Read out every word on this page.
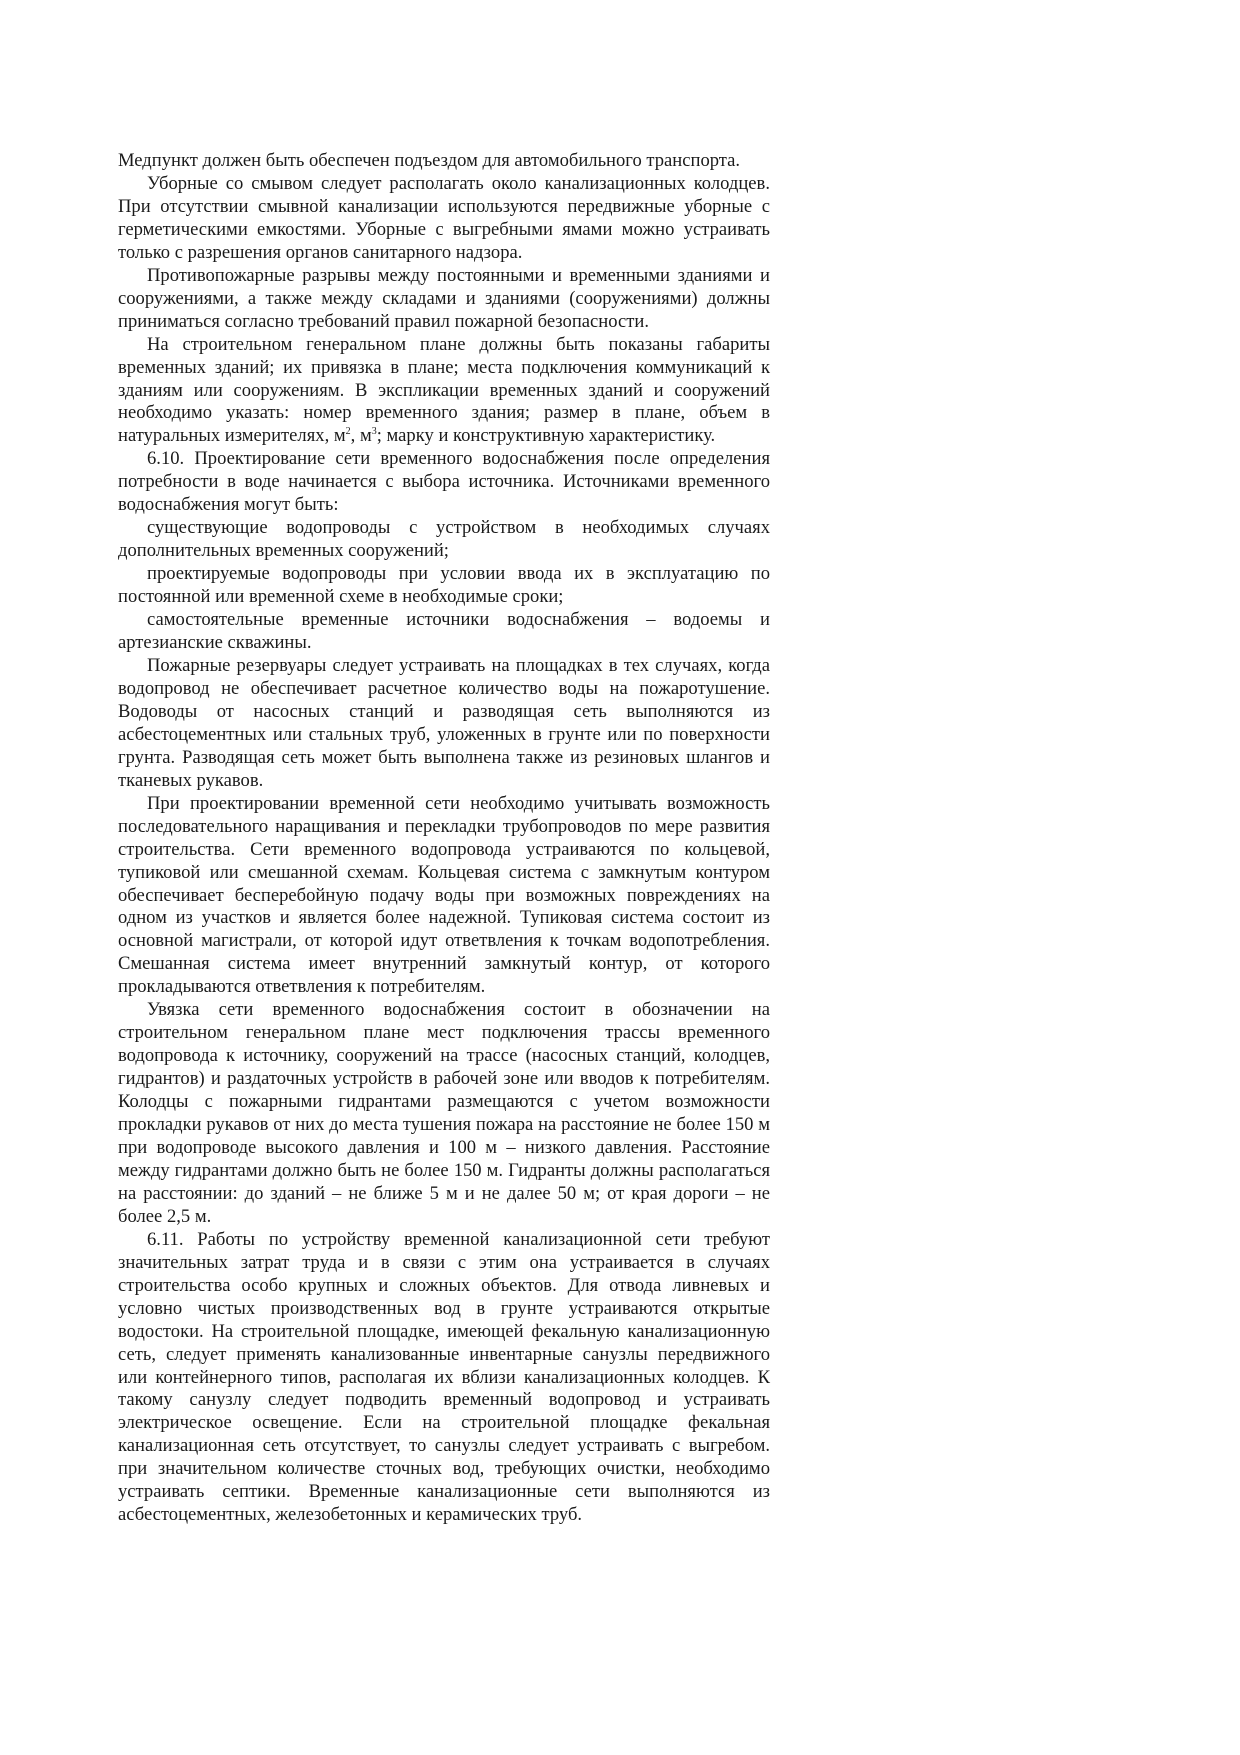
Медпункт должен быть обеспечен подъездом для автомобильного транспорта.

Уборные со смывом следует располагать около канализационных колодцев. При отсутствии смывной канализации используются передвижные уборные с герметическими емкостями. Уборные с выгребными ямами можно устраивать только с разрешения органов санитарного надзора.

Противопожарные разрывы между постоянными и временными зданиями и сооружениями, а также между складами и зданиями (сооружениями) должны приниматься согласно требований правил пожарной безопасности.

На строительном генеральном плане должны быть показаны габариты временных зданий; их привязка в плане; места подключения коммуникаций к зданиям или сооружениям. В экспликации временных зданий и сооружений необходимо указать: номер временного здания; размер в плане, объем в натуральных измерителях, $м^2$, $м^3$; марку и конструктивную характеристику.

6.10. Проектирование сети временного водоснабжения после определения потребности в воде начинается с выбора источника. Источниками временного водоснабжения могут быть:

существующие водопроводы с устройством в необходимых случаях дополнительных временных сооружений;

проектируемые водопроводы при условии ввода их в эксплуатацию по постоянной или временной схеме в необходимые сроки;

самостоятельные временные источники водоснабжения – водоемы и артезианские скважины.

Пожарные резервуары следует устраивать на площадках в тех случаях, когда водопровод не обеспечивает расчетное количество воды на пожаротушение. Водоводы от насосных станций и разводящая сеть выполняются из асбестоцементных или стальных труб, уложенных в грунте или по поверхности грунта. Разводящая сеть может быть выполнена также из резиновых шлангов и тканевых рукавов.

При проектировании временной сети необходимо учитывать возможность последовательного наращивания и перекладки трубопроводов по мере развития строительства. Сети временного водопровода устраиваются по кольцевой, тупиковой или смешанной схемам. Кольцевая система с замкнутым контуром обеспечивает бесперебойную подачу воды при возможных повреждениях на одном из участков и является более надежной. Тупиковая система состоит из основной магистрали, от которой идут ответвления к точкам водопотребления. Смешанная система имеет внутренний замкнутый контур, от которого прокладываются ответвления к потребителям.

Увязка сети временного водоснабжения состоит в обозначении на строительном генеральном плане мест подключения трассы временного водопровода к источнику, сооружений на трассе (насосных станций, колодцев, гидрантов) и раздаточных устройств в рабочей зоне или вводов к потребителям. Колодцы с пожарными гидрантами размещаются с учетом возможности прокладки рукавов от них до места тушения пожара на расстояние не более 150 м при водопроводе высокого давления и 100 м – низкого давления. Расстояние между гидрантами должно быть не более 150 м. Гидранты должны располагаться на расстоянии: до зданий – не ближе 5 м и не далее 50 м; от края дороги – не более 2,5 м.

6.11. Работы по устройству временной канализационной сети требуют значительных затрат труда и в связи с этим она устраивается в случаях строительства особо крупных и сложных объектов. Для отвода ливневых и условно чистых производственных вод в грунте устраиваются открытые водостоки. На строительной площадке, имеющей фекальную канализационную сеть, следует применять канализованные инвентарные санузлы передвижного или контейнерного типов, располагая их вблизи канализационных колодцев. К такому санузлу следует подводить временный водопровод и устраивать электрическое освещение. Если на строительной площадке фекальная канализационная сеть отсутствует, то санузлы следует устраивать с выгребом. при значительном количестве сточных вод, требующих очистки, необходимо устраивать септики. Временные канализационные сети выполняются из асбестоцементных, железобетонных и керамических труб.
